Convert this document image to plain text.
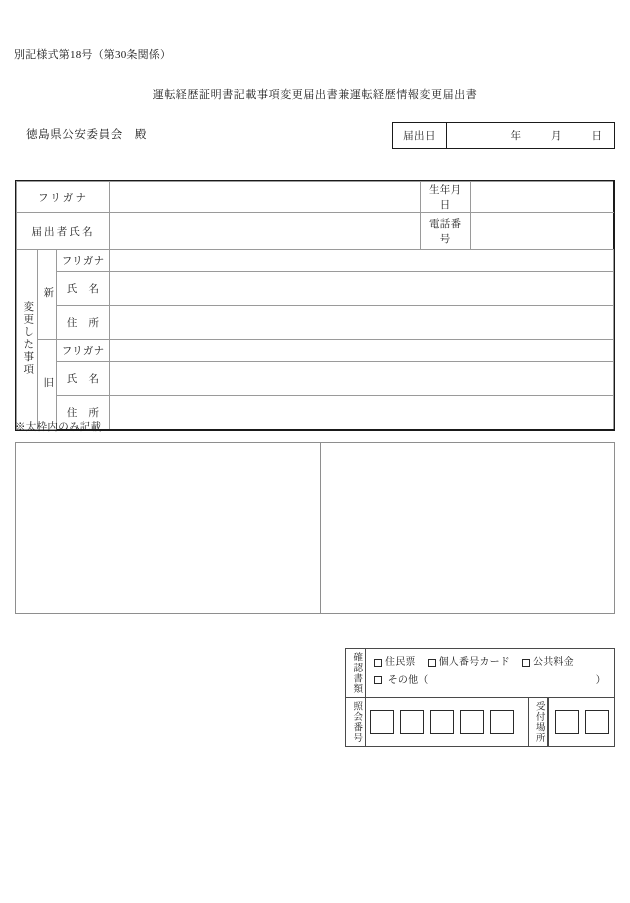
別記様式第18号（第30条関係）
運転経歴証明書記載事項変更届出書兼運転経歴情報変更届出書
徳島県公安委員会　殿	届出日	年	月	日
フリガナ				生年月日	
届出者氏名				電話番号	
変更した事項	新	フリガナ			
		氏　名			
		住　所			
	旧	フリガナ			
		氏　名			
		住　所			
※太枠内のみ記載
確認書類 住民票 個人番号カード 公共料金
その他（	）
照会番号	受付場所
